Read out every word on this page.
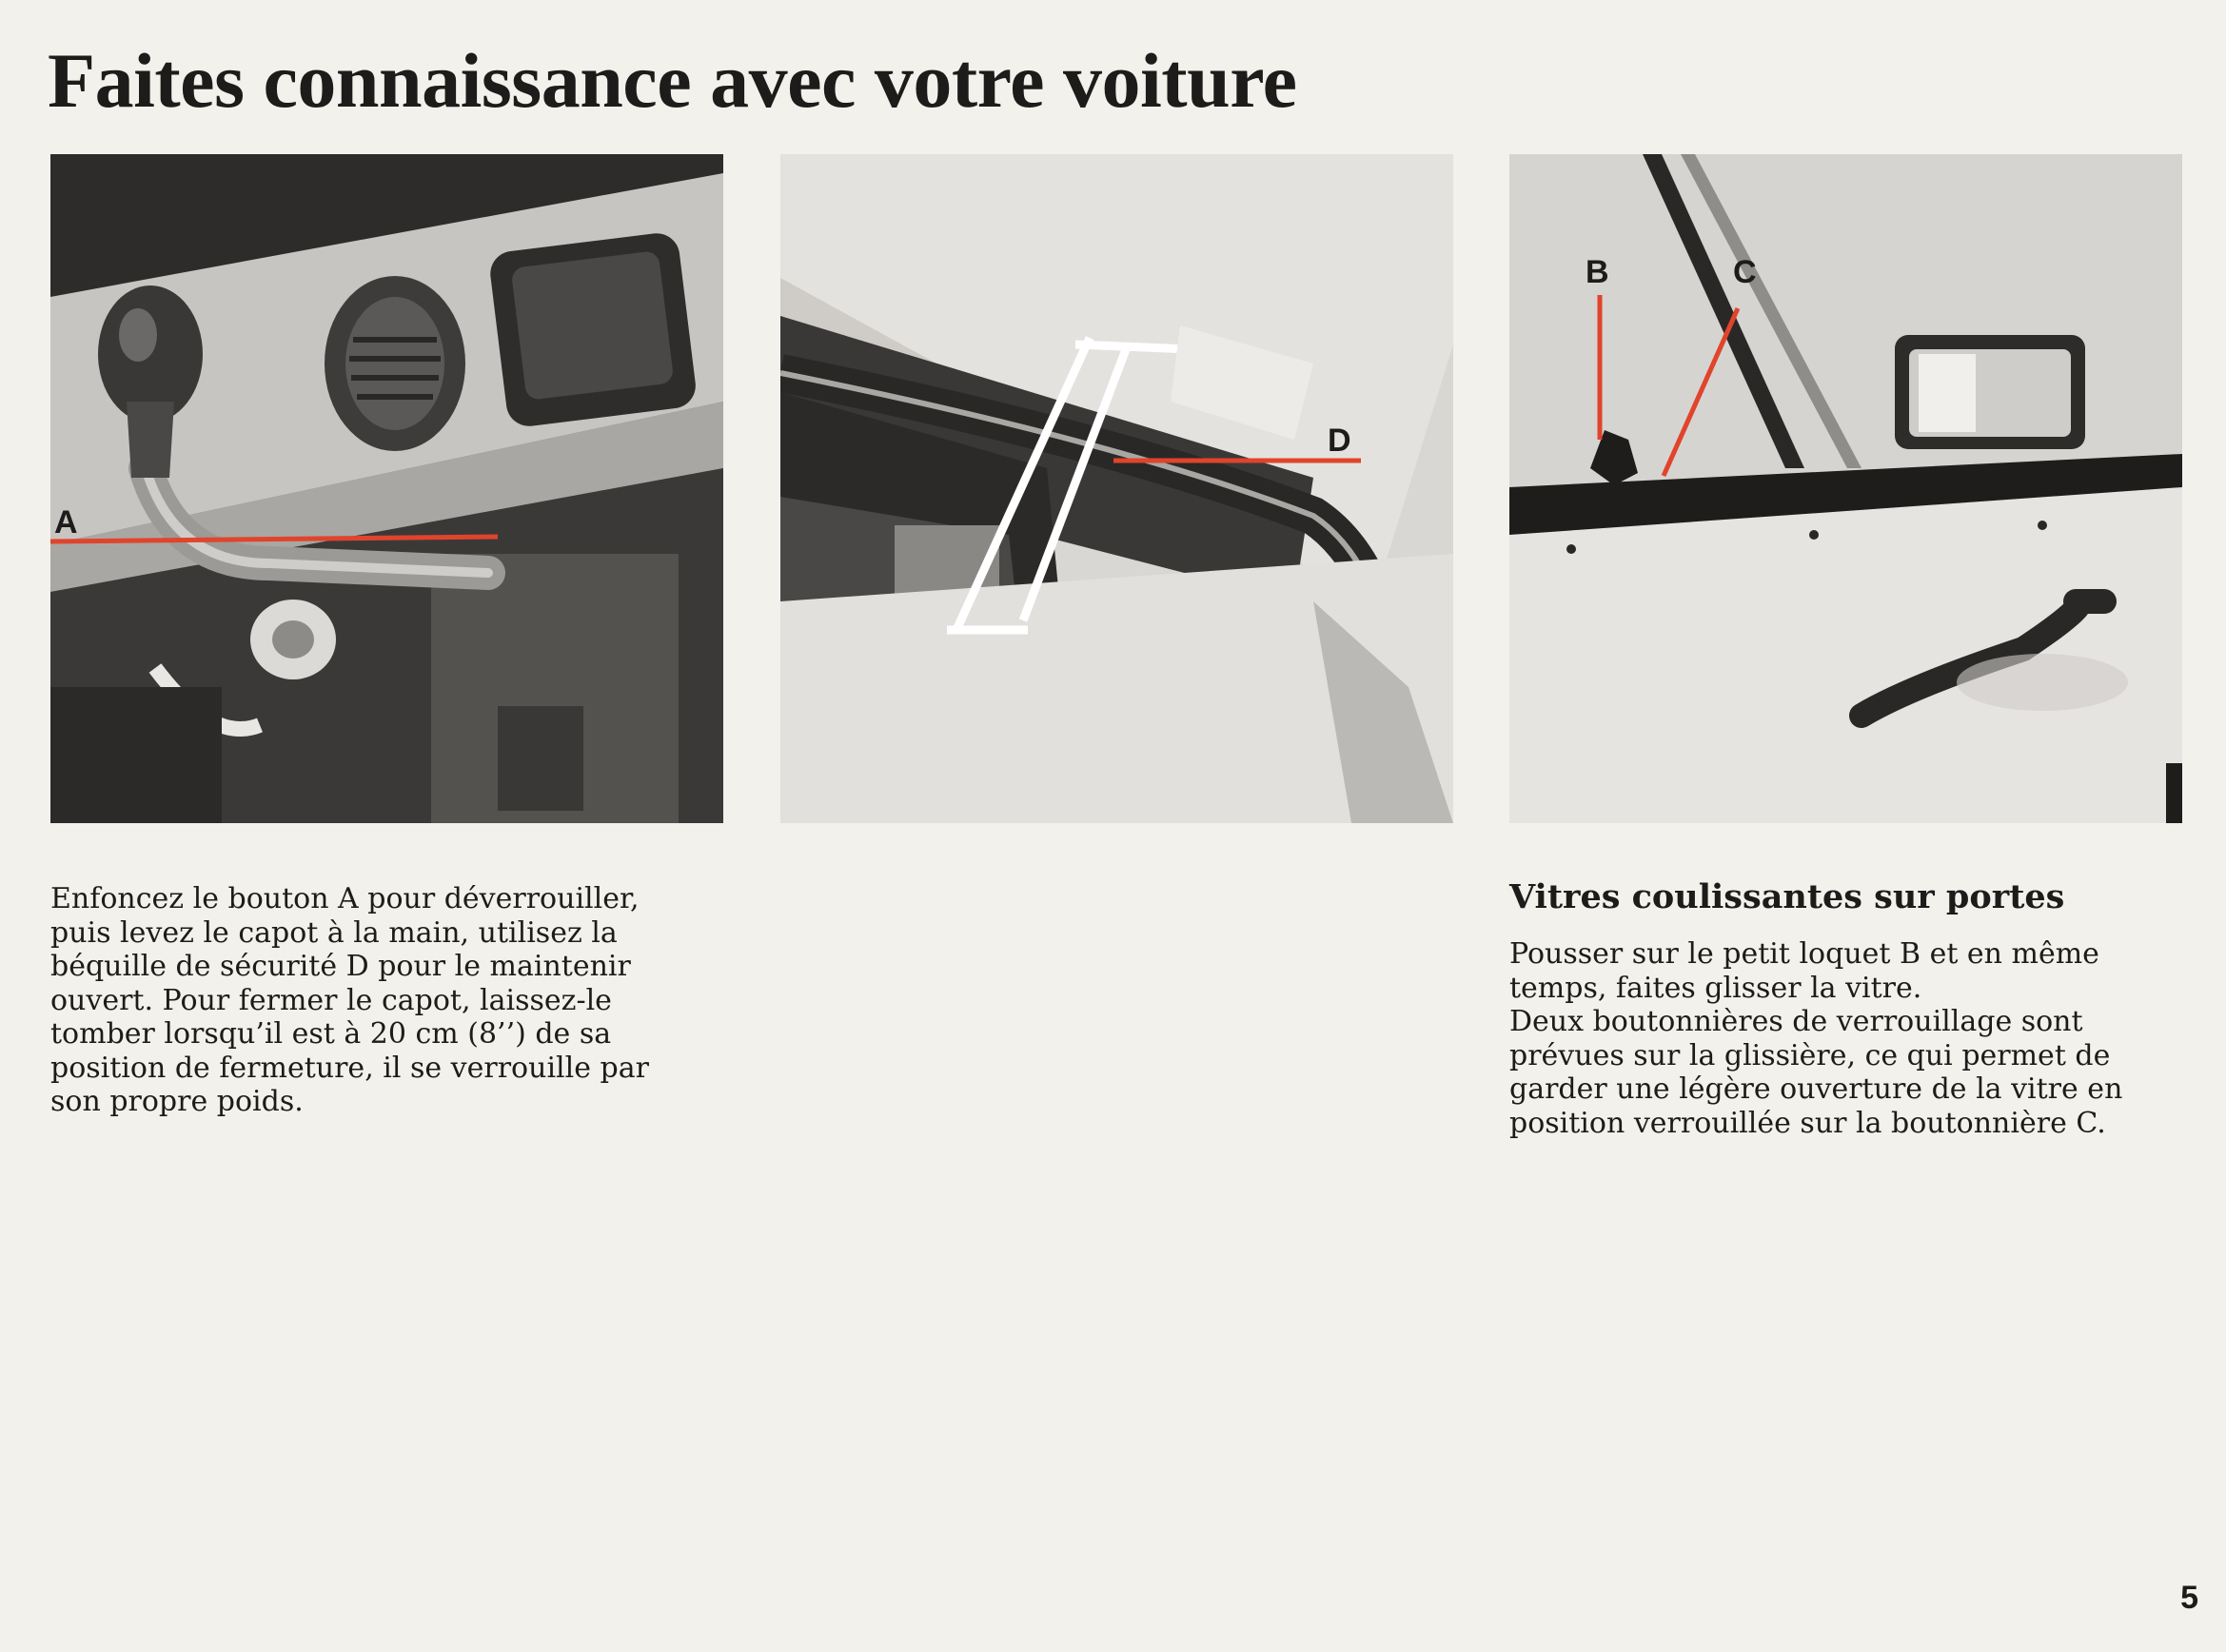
Faites connaissance avec votre voiture
A
D
B	C

Enfoncez le bouton A pour déverrouiller,
puis levez le capot à la main, utilisez la
béquille de sécurité D pour le maintenir
ouvert. Pour fermer le capot, laissez-le
tomber lorsqu’il est à 20 cm (8’’) de sa
position de fermeture, il se verrouille par
son propre poids.

Vitres coulissantes sur portes

Pousser sur le petit loquet B et en même
temps, faites glisser la vitre.
Deux boutonnières de verrouillage sont
prévues sur la glissière, ce qui permet de
garder une légère ouverture de la vitre en
position verrouillée sur la boutonnière C.

5
